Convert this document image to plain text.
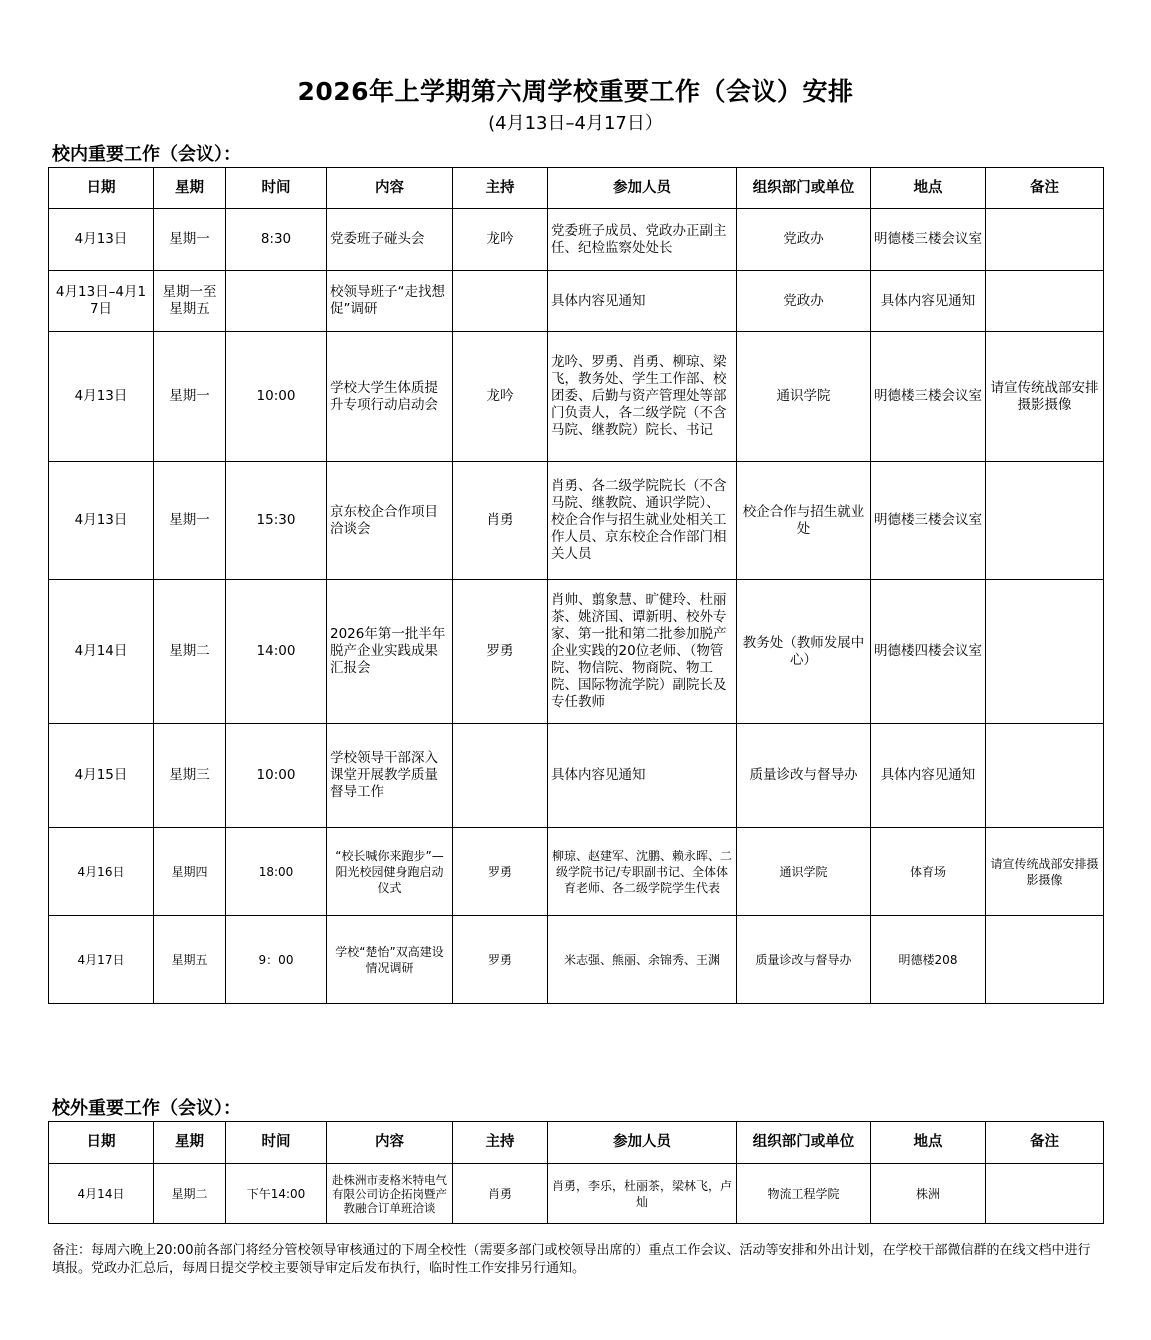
2026年上学期第六周学校重要工作（会议）安排
(4月13日–4月17日）
校内重要工作（会议）：
日期	星期	时间	内容	主持	参加人员	组织部门或单位	地点	备注
4月13日	星期一	8:30	党委班子碰头会	龙吟	党委班子成员、党政办正副主任、纪检监察处处长	党政办	明德楼三楼会议室	
4月13日–4月17日	星期一至星期五		校领导班子“走找想促”调研		具体内容见通知	党政办	具体内容见通知	
4月13日	星期一	10:00	学校大学生体质提升专项行动启动会	龙吟	龙吟、罗勇、肖勇、柳琼、梁飞，教务处、学生工作部、校团委、后勤与资产管理处等部门负责人，各二级学院（不含马院、继教院）院长、书记	通识学院	明德楼三楼会议室	请宣传统战部安排摄影摄像
4月13日	星期一	15:30	京东校企合作项目洽谈会	肖勇	肖勇、各二级学院院长（不含马院、继教院、通识学院）、校企合作与招生就业处相关工作人员、京东校企合作部门相关人员	校企合作与招生就业处	明德楼三楼会议室	
4月14日	星期二	14:00	2026年第一批半年脱产企业实践成果汇报会	罗勇	肖帅、翦象慧、旷健玲、杜丽茶、姚济国、谭新明、校外专家、第一批和第二批参加脱产企业实践的20位老师、（物管院、物信院、物商院、物工院、国际物流学院）副院长及专任教师	教务处（教师发展中心）	明德楼四楼会议室	
4月15日	星期三	10:00	学校领导干部深入课堂开展教学质量督导工作		具体内容见通知	质量诊改与督导办	具体内容见通知	
4月16日	星期四	18:00	“校长喊你来跑步”—阳光校园健身跑启动仪式	罗勇	柳琼、赵建军、沈鹏、赖永晖、二级学院书记/专职副书记、全体体育老师、各二级学院学生代表	通识学院	体育场	请宣传统战部安排摄影摄像
4月17日	星期五	9：00	学校“楚怡”双高建设情况调研	罗勇	米志强、熊丽、余锦秀、王渊	质量诊改与督导办	明德楼208	
校外重要工作（会议）：
日期	星期	时间	内容	主持	参加人员	组织部门或单位	地点	备注
4月14日	星期二	下午14:00	赴株洲市麦格米特电气有限公司访企拓岗暨产教融合订单班洽谈	肖勇	肖勇，李乐，杜丽茶，梁林飞，卢灿	物流工程学院	株洲	
备注：每周六晚上20:00前各部门将经分管校领导审核通过的下周全校性（需要多部门或校领导出席的）重点工作会议、活动等安排和外出计划，在学校干部微信群的在线文档中进行填报。党政办汇总后，每周日提交学校主要领导审定后发布执行，临时性工作安排另行通知。
